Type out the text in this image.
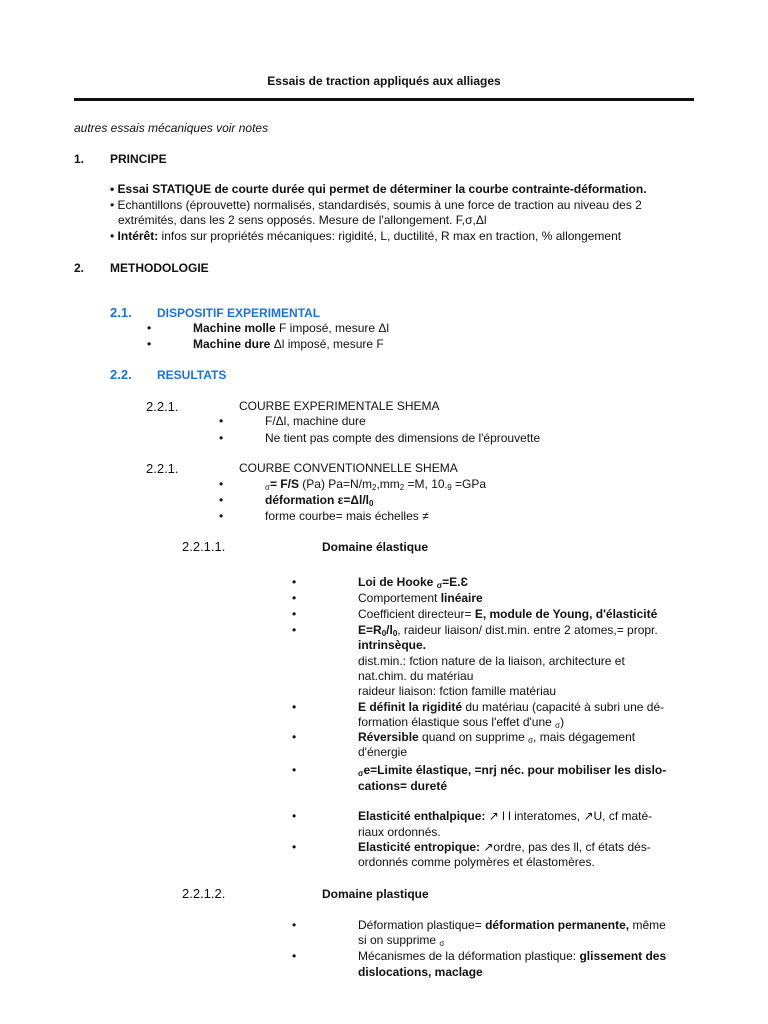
Essais de traction appliqués aux alliages
autres essais mécaniques voir notes
1. PRINCIPE
• Essai STATIQUE de courte durée qui permet de déterminer la courbe contrainte-déformation.
• Echantillons (éprouvette) normalisés, standardisés, soumis à une force de traction au niveau des 2
extrémités, dans les 2 sens opposés. Mesure de l'allongement. F,σ,Δl
• Intérêt: infos sur propriétés mécaniques: rigidité, L, ductilité, R max en traction, % allongement
2. METHODOLOGIE
2.1. DISPOSITIF EXPERIMENTAL
•	Machine molle F imposé, mesure Δl
•	Machine dure Δl imposé, mesure F
2.2. RESULTATS
2.2.1.	COURBE EXPERIMENTALE SHEMA
•	F/Δl, machine dure
•	Ne tient pas compte des dimensions de l'éprouvette
2.2.1.	COURBE CONVENTIONNELLE SHEMA
•	$_\sigma$= F/S (Pa) $Pa=N/m_2,mm_2 =M$, $10_{-9} =GPa$
•	déformation $\varepsilon=\Delta l/l_0$
•	forme courbe= mais échelles ≠
2.2.1.1.	Domaine élastique
•	Loi de Hooke $_\sigma$=E.Ɛ
•	Comportement linéaire
•	Coefficient directeur= E, module de Young, d'élasticité
•	$E=R_0/l_0$, raideur liaison/ dist.min. entre 2 atomes,= propr.
intrinsèque.
dist.min.: fction nature de la liaison, architecture et
nat.chim. du matériau
raideur liaison: fction famille matériau
•	E définit la rigidité du matériau (capacité à subri une dé-
formation élastique sous l'effet d'une $_\sigma$)
•	Réversible quand on supprime $_\sigma$, mais dégagement
d'énergie
•	$_\sigma$e=Limite élastique, =nrj néc. pour mobiliser les dislo-
cations= dureté
•	Elasticité enthalpique: ↗ l l interatomes, ↗U, cf maté-
riaux ordonnés.
•	Elasticité entropique: ↗ordre, pas des ll, cf états dés-
ordonnés comme polymères et élastomères.
2.2.1.2.	Domaine plastique
•	Déformation plastique= déformation permanente, même
si on supprime $_\sigma$
•	Mécanismes de la déformation plastique: glissement des
dislocations, maclage
